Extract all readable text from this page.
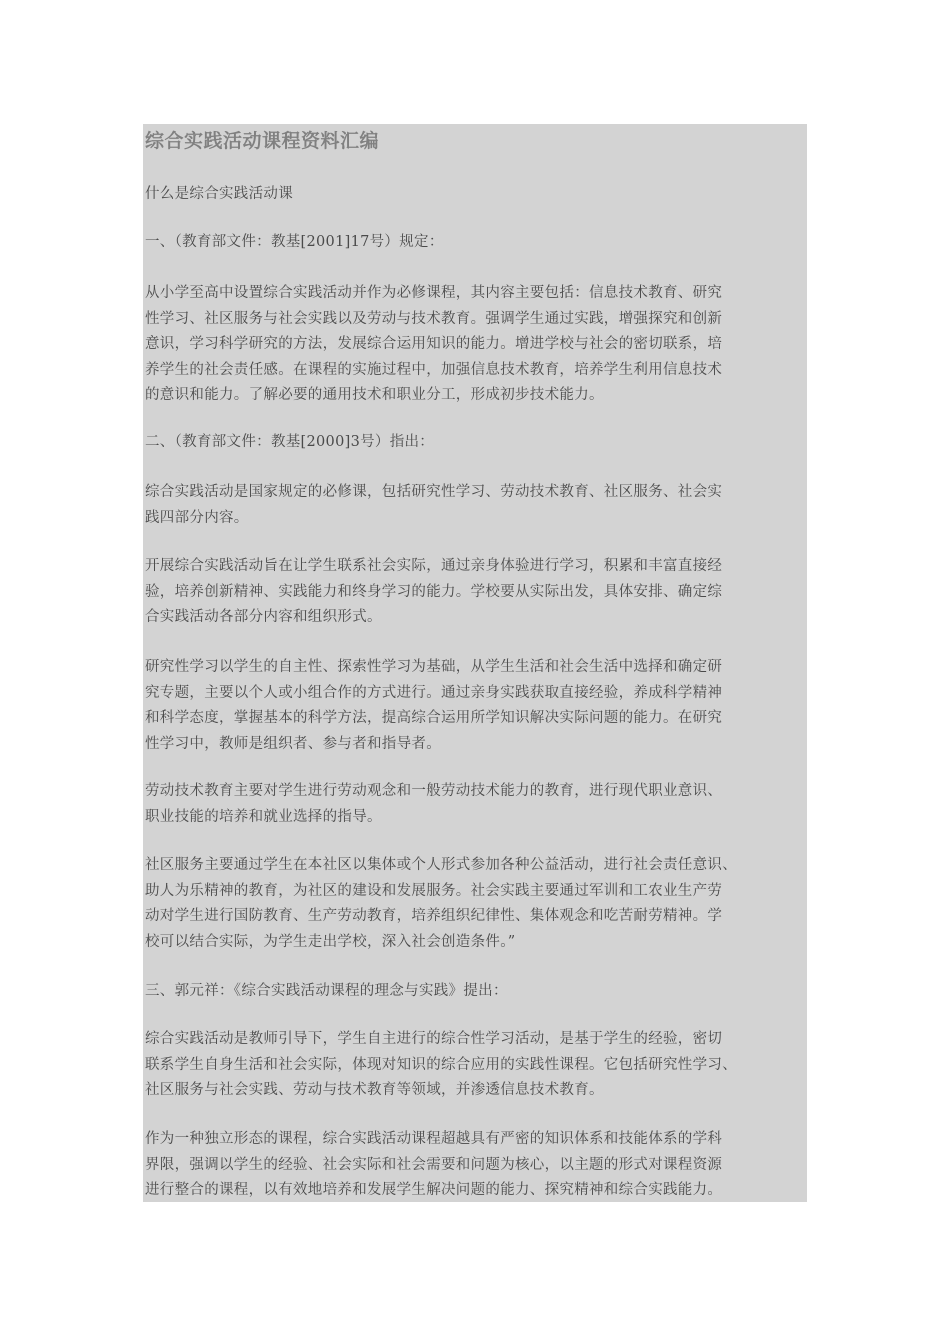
综合实践活动课程资料汇编

什么是综合实践活动课

一、（教育部文件：教基[2001]17号）规定：

从小学至高中设置综合实践活动并作为必修课程，其内容主要包括：信息技术教育、研究
性学习、社区服务与社会实践以及劳动与技术教育。强调学生通过实践，增强探究和创新
意识，学习科学研究的方法，发展综合运用知识的能力。增进学校与社会的密切联系，培
养学生的社会责任感。在课程的实施过程中，加强信息技术教育，培养学生利用信息技术
的意识和能力。了解必要的通用技术和职业分工，形成初步技术能力。

二、（教育部文件：教基[2000]3号）指出：

综合实践活动是国家规定的必修课，包括研究性学习、劳动技术教育、社区服务、社会实
践四部分内容。

开展综合实践活动旨在让学生联系社会实际，通过亲身体验进行学习，积累和丰富直接经
验，培养创新精神、实践能力和终身学习的能力。学校要从实际出发，具体安排、确定综
合实践活动各部分内容和组织形式。

研究性学习以学生的自主性、探索性学习为基础，从学生生活和社会生活中选择和确定研
究专题，主要以个人或小组合作的方式进行。通过亲身实践获取直接经验，养成科学精神
和科学态度，掌握基本的科学方法，提高综合运用所学知识解决实际问题的能力。在研究
性学习中，教师是组织者、参与者和指导者。

劳动技术教育主要对学生进行劳动观念和一般劳动技术能力的教育，进行现代职业意识、
职业技能的培养和就业选择的指导。

社区服务主要通过学生在本社区以集体或个人形式参加各种公益活动，进行社会责任意识、
助人为乐精神的教育，为社区的建设和发展服务。社会实践主要通过军训和工农业生产劳
动对学生进行国防教育、生产劳动教育，培养组织纪律性、集体观念和吃苦耐劳精神。学
校可以结合实际，为学生走出学校，深入社会创造条件。”

三、郭元祥：《综合实践活动课程的理念与实践》提出：

综合实践活动是教师引导下，学生自主进行的综合性学习活动，是基于学生的经验，密切
联系学生自身生活和社会实际，体现对知识的综合应用的实践性课程。它包括研究性学习、
社区服务与社会实践、劳动与技术教育等领域，并渗透信息技术教育。

作为一种独立形态的课程，综合实践活动课程超越具有严密的知识体系和技能体系的学科
界限，强调以学生的经验、社会实际和社会需要和问题为核心，以主题的形式对课程资源
进行整合的课程，以有效地培养和发展学生解决问题的能力、探究精神和综合实践能力。
